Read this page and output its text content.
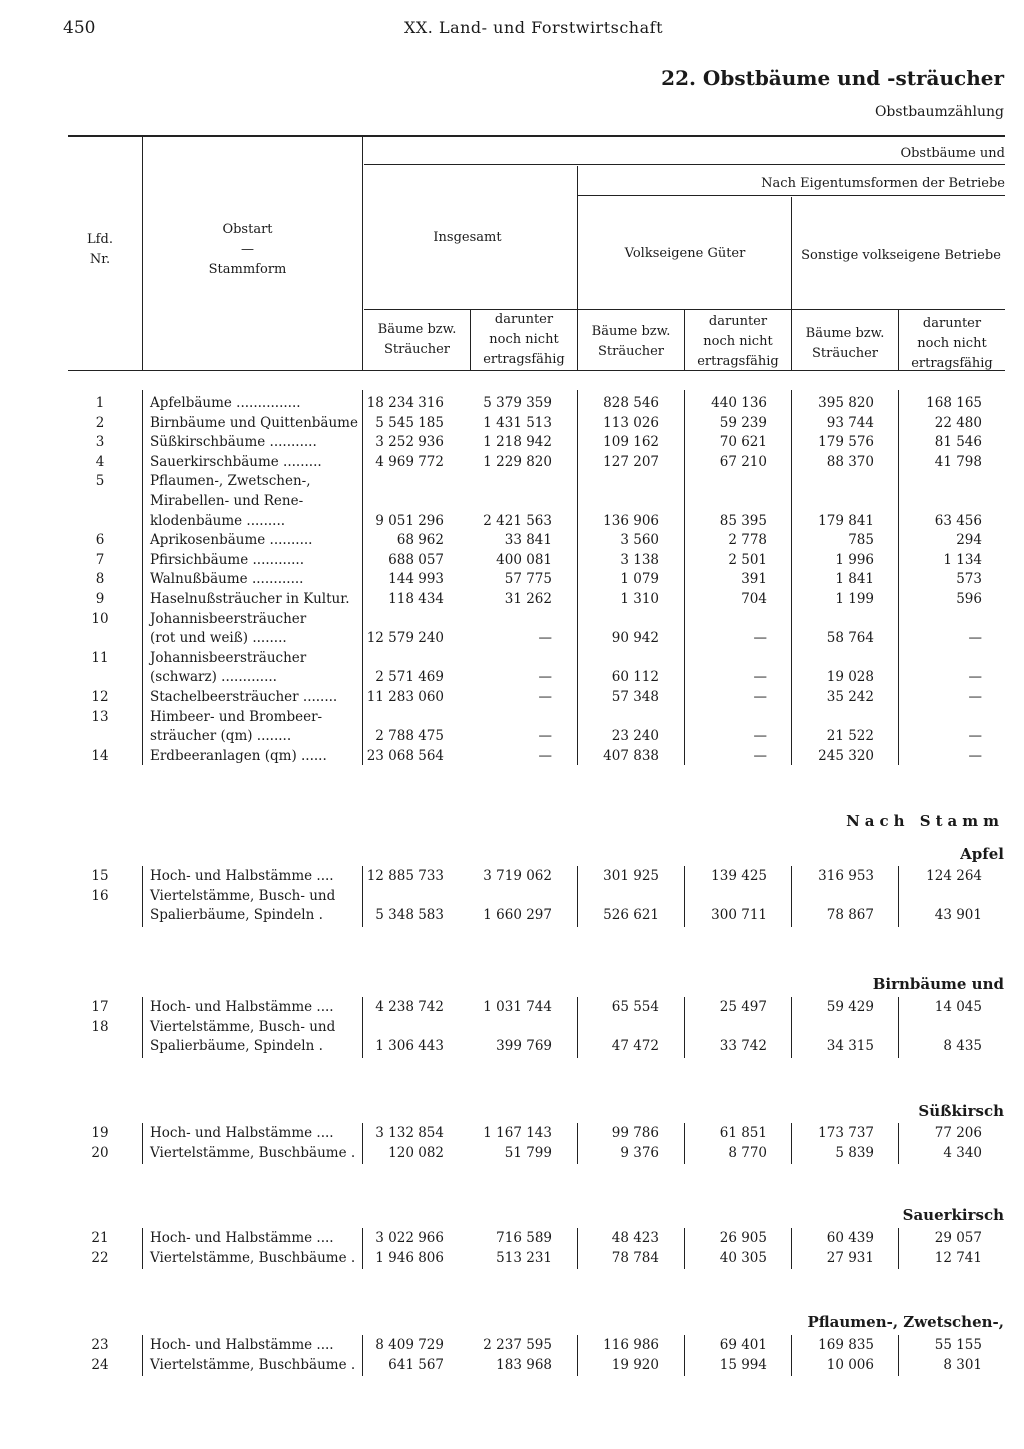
450	XX. Land- und Forstwirtschaft
22. Obstbäume und -sträucher
Obstbaumzählung
Lfd.
Nr.
Obstart
—
Stammform
Obstbäume und
Nach Eigentumsformen der Betriebe
Insgesamt
Volkseigene Güter	Sonstige volkseigene Betriebe
Bäume bzw.
Sträucher
darunter
noch nicht
ertragsfähig
Bäume bzw.
Sträucher
darunter
noch nicht
ertragsfähig
Bäume bzw.
Sträucher
darunter
noch nicht
ertragsfähig
1	Apfelbäume ...............	18 234 316	5 379 359	828 546	440 136	395 820	168 165
2	Birnbäume und Quittenbäume 5 545 185	1 431 513	113 026	59 239	93 744	22 480
3	Süßkirschbäume ...........	3 252 936	1 218 942	109 162	70 621	179 576	81 546
4	Sauerkirschbäume .........	4 969 772	1 229 820	127 207	67 210	88 370	41 798
5	Pflaumen-, Zwetschen-,
Mirabellen- und Rene-
klodenbäume .........	9 051 296	2 421 563	136 906	85 395	179 841	63 456
6	Aprikosenbäume ..........	68 962	33 841	3 560	2 778	785	294
7	Pfirsichbäume ............	688 057	400 081	3 138	2 501	1 996	1 134
8	Walnußbäume ............	144 993	57 775	1 079	391	1 841	573
9	Haselnußsträucher in Kultur.	118 434	31 262	1 310	704	1 199	596
10	Johannisbeersträucher
(rot und weiß) ........	12 579 240	—	90 942	—	58 764	—
11	Johannisbeersträucher
(schwarz) .............	2 571 469	—	60 112	—	19 028	—
12	Stachelbeersträucher ........ 11 283 060	—	57 348	—	35 242	—
13	Himbeer- und Brombeer-
sträucher (qm) ........	2 788 475	—	23 240	—	21 522	—
14	Erdbeeranlagen (qm) ......	23 068 564	—	407 838	—	245 320	—
Apfel
15	Hoch- und Halbstämme .... 12 885 733	3 719 062	301 925	139 425	316 953	124 264
16	Viertelstämme, Busch- und
Spalierbäume, Spindeln .	5 348 583	1 660 297	526 621	300 711	78 867	43 901
Birnbäume und
17	Hoch- und Halbstämme ....	4 238 742	1 031 744	65 554	25 497	59 429	14 045
18	Viertelstämme, Busch- und
Spalierbäume, Spindeln .	1 306 443	399 769	47 472	33 742	34 315	8 435
Süßkirsch
19	Hoch- und Halbstämme ....	3 132 854	1 167 143	99 786	61 851	173 737	77 206
20	Viertelstämme, Buschbäume . 120 082	51 799	9 376	8 770	5 839	4 340
Sauerkirsch
21	Hoch- und Halbstämme ....	3 022 966	716 589	48 423	26 905	60 439	29 057
22	Viertelstämme, Buschbäume . 1 946 806	513 231	78 784	40 305	27 931	12 741
Pflaumen-, Zwetschen-,
23	Hoch- und Halbstämme ....	8 409 729	2 237 595	116 986	69 401	169 835	55 155
24	Viertelstämme, Buschbäume . 641 567	183 968	19 920	15 994	10 006	8 301
Nach Stamm
